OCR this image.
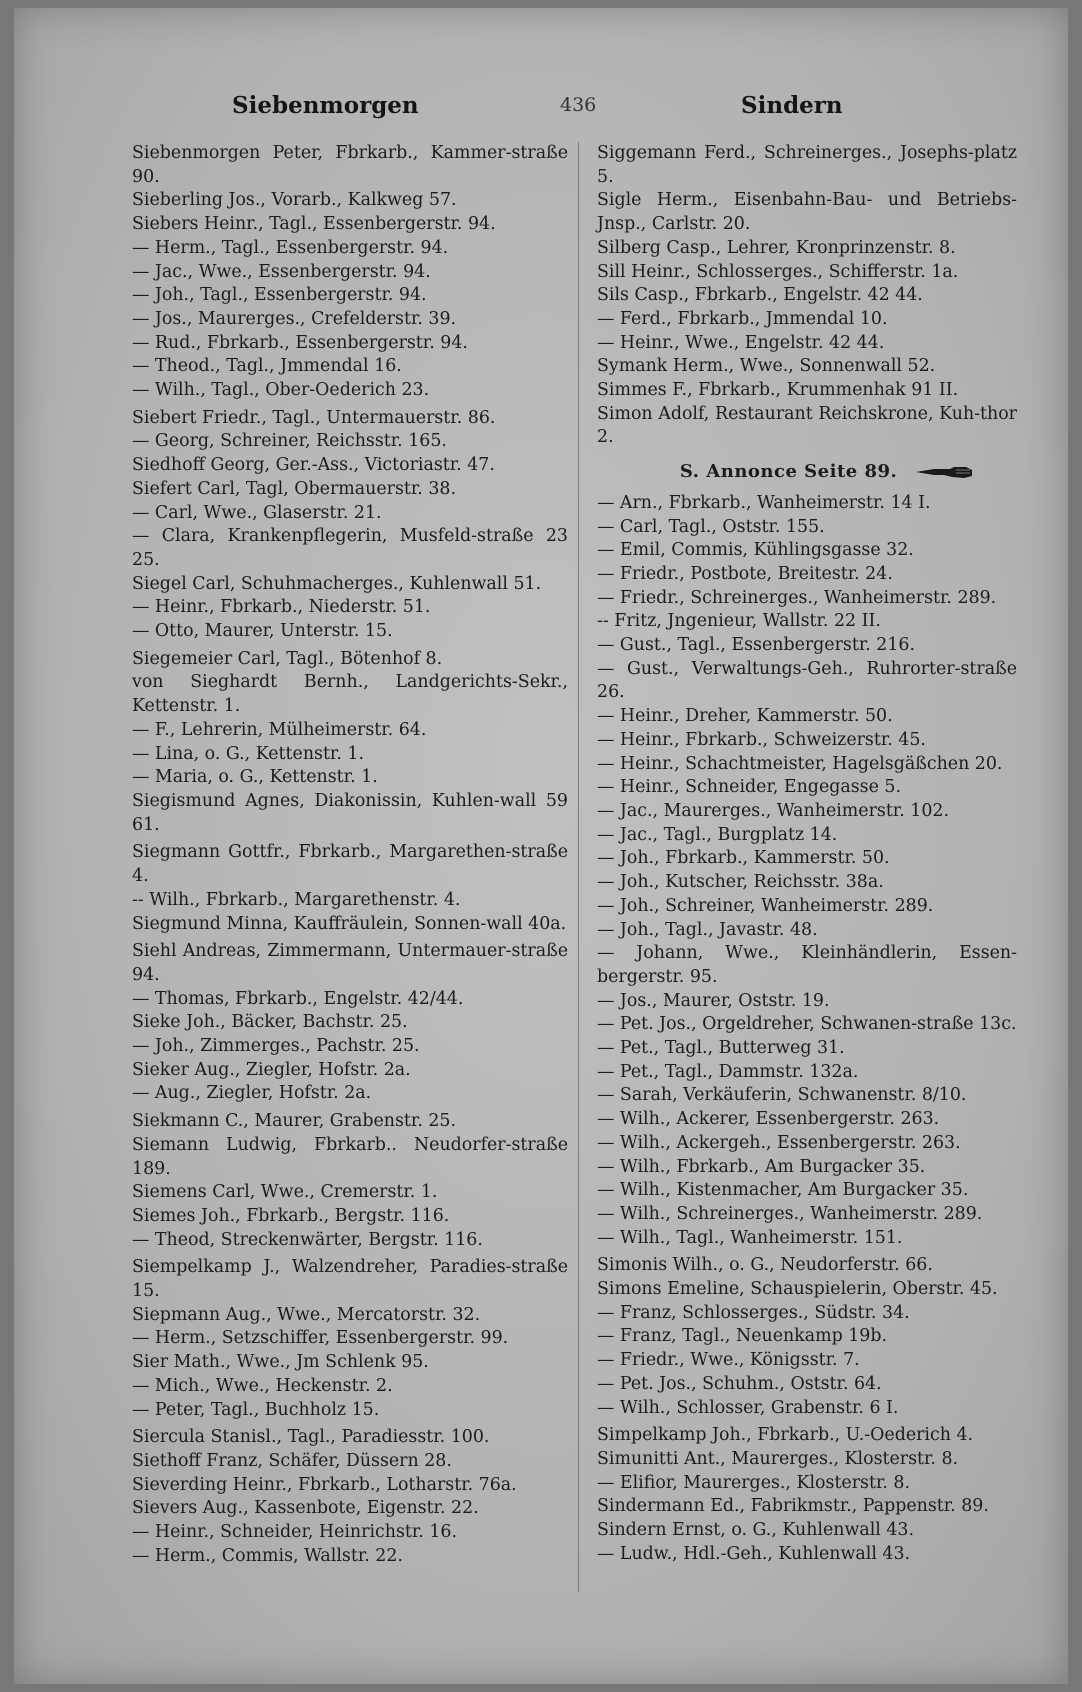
Siebenmorgen	436	Sindern
Siebenmorgen Peter, Fbrkarb., Kammer-straße 90.
Sieberling Jos., Vorarb., Kalkweg 57.
Siebers Heinr., Tagl., Essenbergerstr. 94.
— Herm., Tagl., Essenbergerstr. 94.
— Jac., Wwe., Essenbergerstr. 94.
— Joh., Tagl., Essenbergerstr. 94.
— Jos., Maurerges., Crefelderstr. 39.
— Rud., Fbrkarb., Essenbergerstr. 94.
— Theod., Tagl., Jmmendal 16.
— Wilh., Tagl., Ober-Oederich 23.
Siebert Friedr., Tagl., Untermauerstr. 86.
— Georg, Schreiner, Reichsstr. 165.
Siedhoff Georg, Ger.-Ass., Victoriastr. 47.
Siefert Carl, Tagl, Obermauerstr. 38.
— Carl, Wwe., Glaserstr. 21.
— Clara, Krankenpflegerin, Musfeld-straße 23 25.
Siegel Carl, Schuhmacherges., Kuhlenwall 51.
— Heinr., Fbrkarb., Niederstr. 51.
— Otto, Maurer, Unterstr. 15.
Siegemeier Carl, Tagl., Bötenhof 8.
von Sieghardt Bernh., Landgerichts-Sekr., Kettenstr. 1.
— F., Lehrerin, Mülheimerstr. 64.
— Lina, o. G., Kettenstr. 1.
— Maria, o. G., Kettenstr. 1.
Siegismund Agnes, Diakonissin, Kuhlen-wall 59 61.
Siegmann Gottfr., Fbrkarb., Margarethen-straße 4.
-- Wilh., Fbrkarb., Margarethenstr. 4.
Siegmund Minna, Kauffräulein, Sonnen-wall 40a.
Siehl Andreas, Zimmermann, Untermauer-straße 94.
— Thomas, Fbrkarb., Engelstr. 42/44.
Sieke Joh., Bäcker, Bachstr. 25.
— Joh., Zimmerges., Pachstr. 25.
Sieker Aug., Ziegler, Hofstr. 2a.
— Aug., Ziegler, Hofstr. 2a.
Siekmann C., Maurer, Grabenstr. 25.
Siemann Ludwig, Fbrkarb.. Neudorfer-straße 189.
Siemens Carl, Wwe., Cremerstr. 1.
Siemes Joh., Fbrkarb., Bergstr. 116.
— Theod, Streckenwärter, Bergstr. 116.
Siempelkamp J., Walzendreher, Paradies-straße 15.
Siepmann Aug., Wwe., Mercatorstr. 32.
— Herm., Setzschiffer, Essenbergerstr. 99.
Sier Math., Wwe., Jm Schlenk 95.
— Mich., Wwe., Heckenstr. 2.
— Peter, Tagl., Buchholz 15.
Siercula Stanisl., Tagl., Paradiesstr. 100.
Siethoff Franz, Schäfer, Düssern 28.
Sieverding Heinr., Fbrkarb., Lotharstr. 76a.
Sievers Aug., Kassenbote, Eigenstr. 22.
— Heinr., Schneider, Heinrichstr. 16.
— Herm., Commis, Wallstr. 22.
Siggemann Ferd., Schreinerges., Josephs-platz 5.
Sigle Herm., Eisenbahn-Bau- und Betriebs-Jnsp., Carlstr. 20.
Silberg Casp., Lehrer, Kronprinzenstr. 8.
Sill Heinr., Schlosserges., Schifferstr. 1a.
Sils Casp., Fbrkarb., Engelstr. 42 44.
— Ferd., Fbrkarb., Jmmendal 10.
— Heinr., Wwe., Engelstr. 42 44.
Symank Herm., Wwe., Sonnenwall 52.
Simmes F., Fbrkarb., Krummenhak 91 II.
Simon Adolf, Restaurant Reichskrone, Kuh-thor 2.
S. Annonce Seite 89.
— Arn., Fbrkarb., Wanheimerstr. 14 I.
— Carl, Tagl., Oststr. 155.
— Emil, Commis, Kühlingsgasse 32.
— Friedr., Postbote, Breitestr. 24.
— Friedr., Schreinerges., Wanheimerstr. 289.
-- Fritz, Jngenieur, Wallstr. 22 II.
— Gust., Tagl., Essenbergerstr. 216.
— Gust., Verwaltungs-Geh., Ruhrorter-straße 26.
— Heinr., Dreher, Kammerstr. 50.
— Heinr., Fbrkarb., Schweizerstr. 45.
— Heinr., Schachtmeister, Hagelsgäßchen 20.
— Heinr., Schneider, Engegasse 5.
— Jac., Maurerges., Wanheimerstr. 102.
— Jac., Tagl., Burgplatz 14.
— Joh., Fbrkarb., Kammerstr. 50.
— Joh., Kutscher, Reichsstr. 38a.
— Joh., Schreiner, Wanheimerstr. 289.
— Joh., Tagl., Javastr. 48.
— Johann, Wwe., Kleinhändlerin, Essen-bergerstr. 95.
— Jos., Maurer, Oststr. 19.
— Pet. Jos., Orgeldreher, Schwanen-straße 13c.
— Pet., Tagl., Butterweg 31.
— Pet., Tagl., Dammstr. 132a.
— Sarah, Verkäuferin, Schwanenstr. 8/10.
— Wilh., Ackerer, Essenbergerstr. 263.
— Wilh., Ackergeh., Essenbergerstr. 263.
— Wilh., Fbrkarb., Am Burgacker 35.
— Wilh., Kistenmacher, Am Burgacker 35.
— Wilh., Schreinerges., Wanheimerstr. 289.
— Wilh., Tagl., Wanheimerstr. 151.
Simonis Wilh., o. G., Neudorferstr. 66.
Simons Emeline, Schauspielerin, Oberstr. 45.
— Franz, Schlosserges., Südstr. 34.
— Franz, Tagl., Neuenkamp 19b.
— Friedr., Wwe., Königsstr. 7.
— Pet. Jos., Schuhm., Oststr. 64.
— Wilh., Schlosser, Grabenstr. 6 I.
Simpelkamp Joh., Fbrkarb., U.-Oederich 4.
Simunitti Ant., Maurerges., Klosterstr. 8.
— Elifior, Maurerges., Klosterstr. 8.
Sindermann Ed., Fabrikmstr., Pappenstr. 89.
Sindern Ernst, o. G., Kuhlenwall 43.
— Ludw., Hdl.-Geh., Kuhlenwall 43.
